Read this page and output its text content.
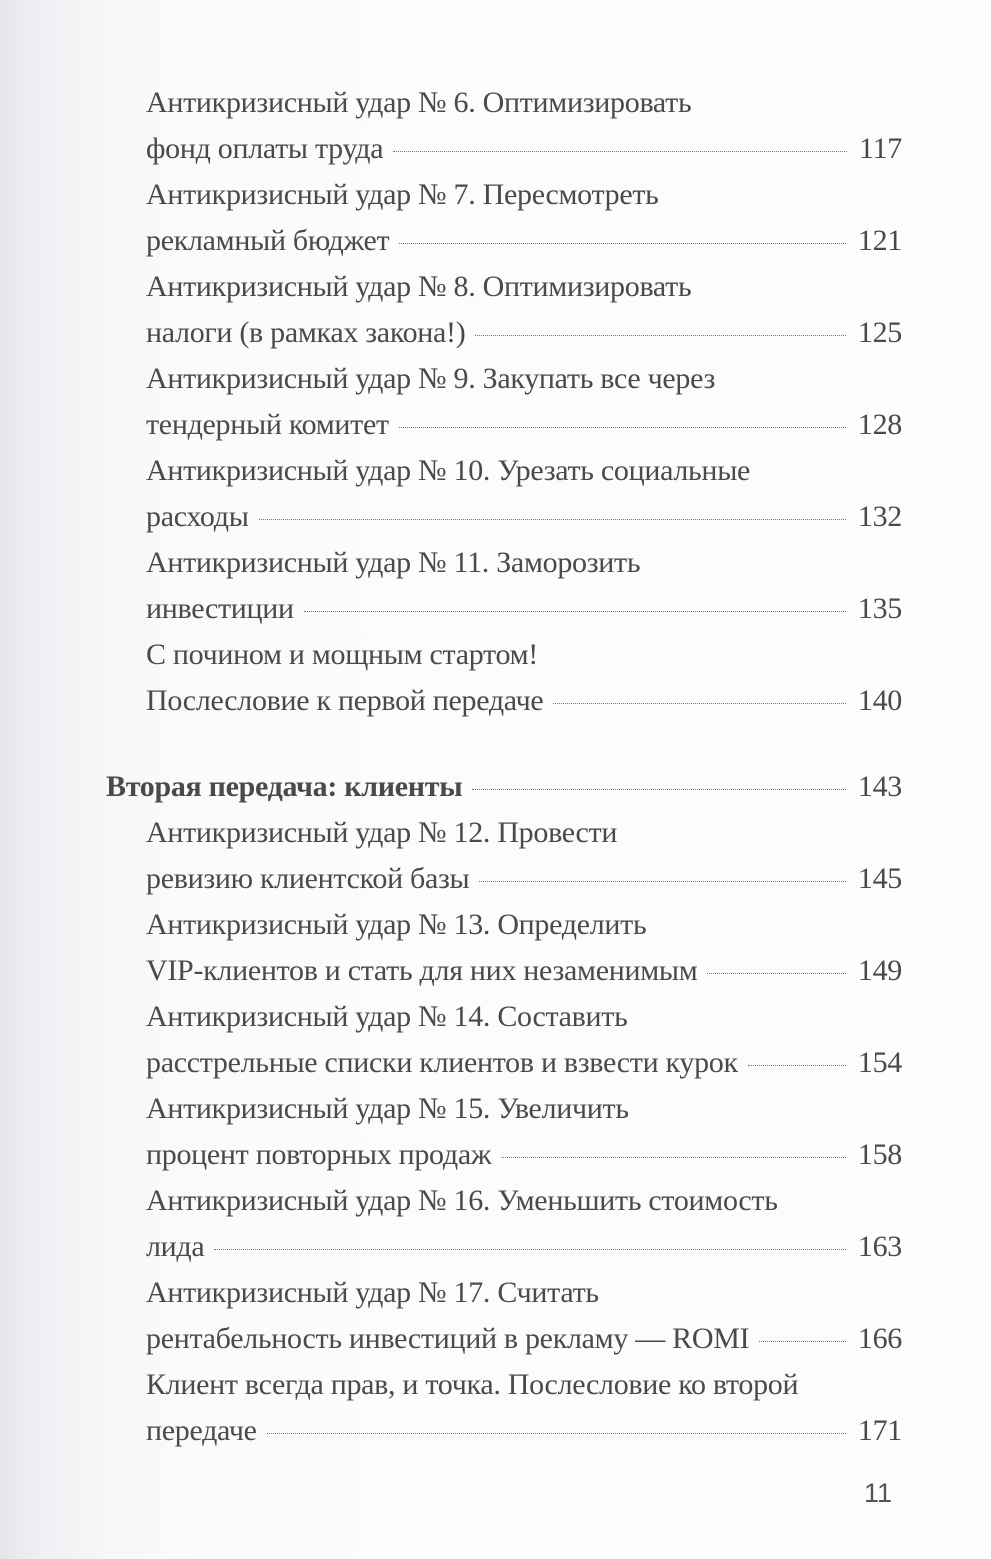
Антикризисный удар № 6. Оптимизировать
фонд оплаты труда	117
Антикризисный удар № 7. Пересмотреть
рекламный бюджет	121
Антикризисный удар № 8. Оптимизировать
налоги (в рамках закона!)	125
Антикризисный удар № 9. Закупать все через
тендерный комитет	128
Антикризисный удар № 10. Урезать социальные
расходы	132
Антикризисный удар № 11. Заморозить
инвестиции	135
С почином и мощным стартом!
Послесловие к первой передаче	140
Вторая передача: клиенты	143
Антикризисный удар № 12. Провести
ревизию клиентской базы	145
Антикризисный удар № 13. Определить
VIP-клиентов и стать для них незаменимым	149
Антикризисный удар № 14. Составить
расстрельные списки клиентов и взвести курок	154
Антикризисный удар № 15. Увеличить
процент повторных продаж	158
Антикризисный удар № 16. Уменьшить стоимость
лида	163
Антикризисный удар № 17. Считать
рентабельность инвестиций в рекламу — ROMI	166
Клиент всегда прав, и точка. Послесловие ко второй
передаче	171
11
